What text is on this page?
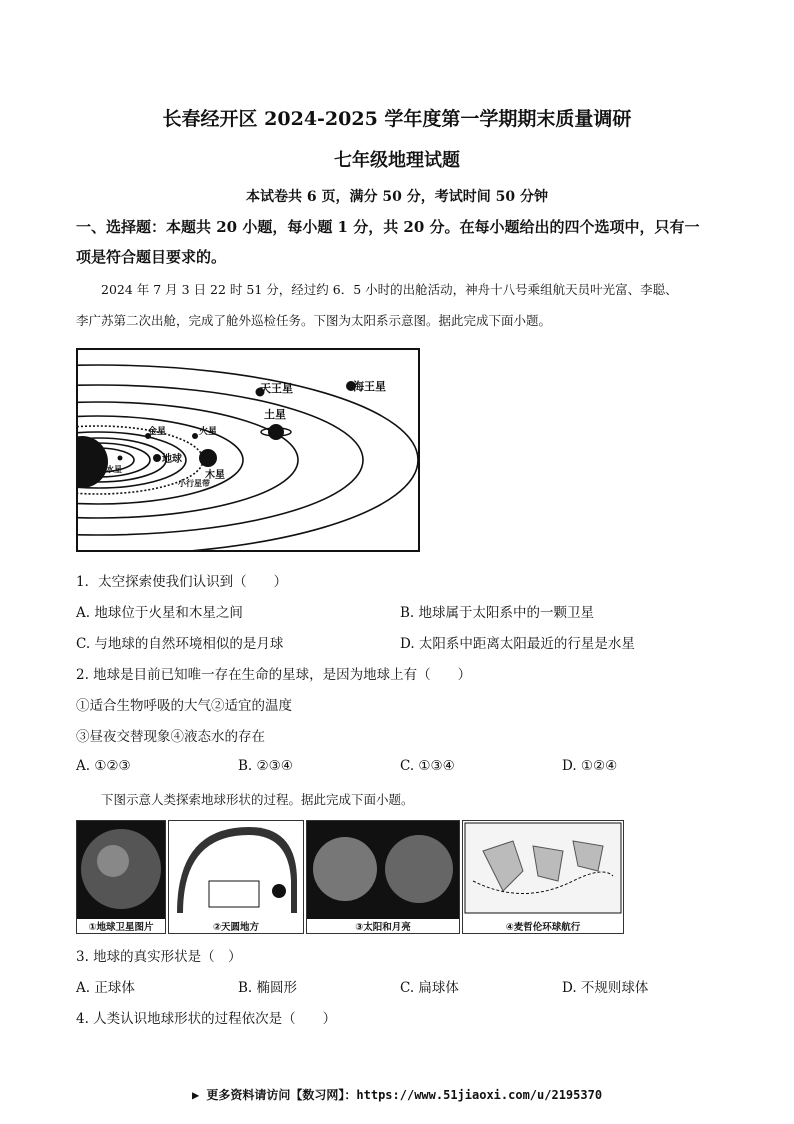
长春经开区 2024-2025 学年度第一学期期末质量调研
七年级地理试题
本试卷共 6 页，满分 50 分，考试时间 50 分钟
一、选择题：本题共 20 小题，每小题 1 分，共 20 分。在每小题给出的四个选项中，只有一
项是符合题目要求的。
2024 年 7 月 3 日 22 时 51 分，经过约 6．5 小时的出舱活动，神舟十八号乘组航天员叶光富、李聪、
李广苏第二次出舱，完成了舱外巡检任务。下图为太阳系示意图。据此完成下面小题。
天王星	海王星
土星
金星	火星
地球
木星
水星
小行星带
1．太空探索使我们认识到（　　）
A. 地球位于火星和木星之间	B. 地球属于太阳系中的一颗卫星
C. 与地球的自然环境相似的是月球	D. 太阳系中距离太阳最近的行星是水星
2. 地球是目前已知唯一存在生命的星球，是因为地球上有（　　）
①适合生物呼吸的大气②适宜的温度
③昼夜交替现象④液态水的存在
A. ①②③	B. ②③④	C. ①③④	D. ①②④
下图示意人类探索地球形状的过程。据此完成下面小题。
①地球卫星图片	②天圆地方	③太阳和月亮	④麦哲伦环球航行
3. 地球的真实形状是（　）
A. 正球体	B. 椭圆形	C. 扁球体	D. 不规则球体
4. 人类认识地球形状的过程依次是（　　）
▶ 更多资料请访问【数习网】：https://www.51jiaoxi.com/u/2195370
